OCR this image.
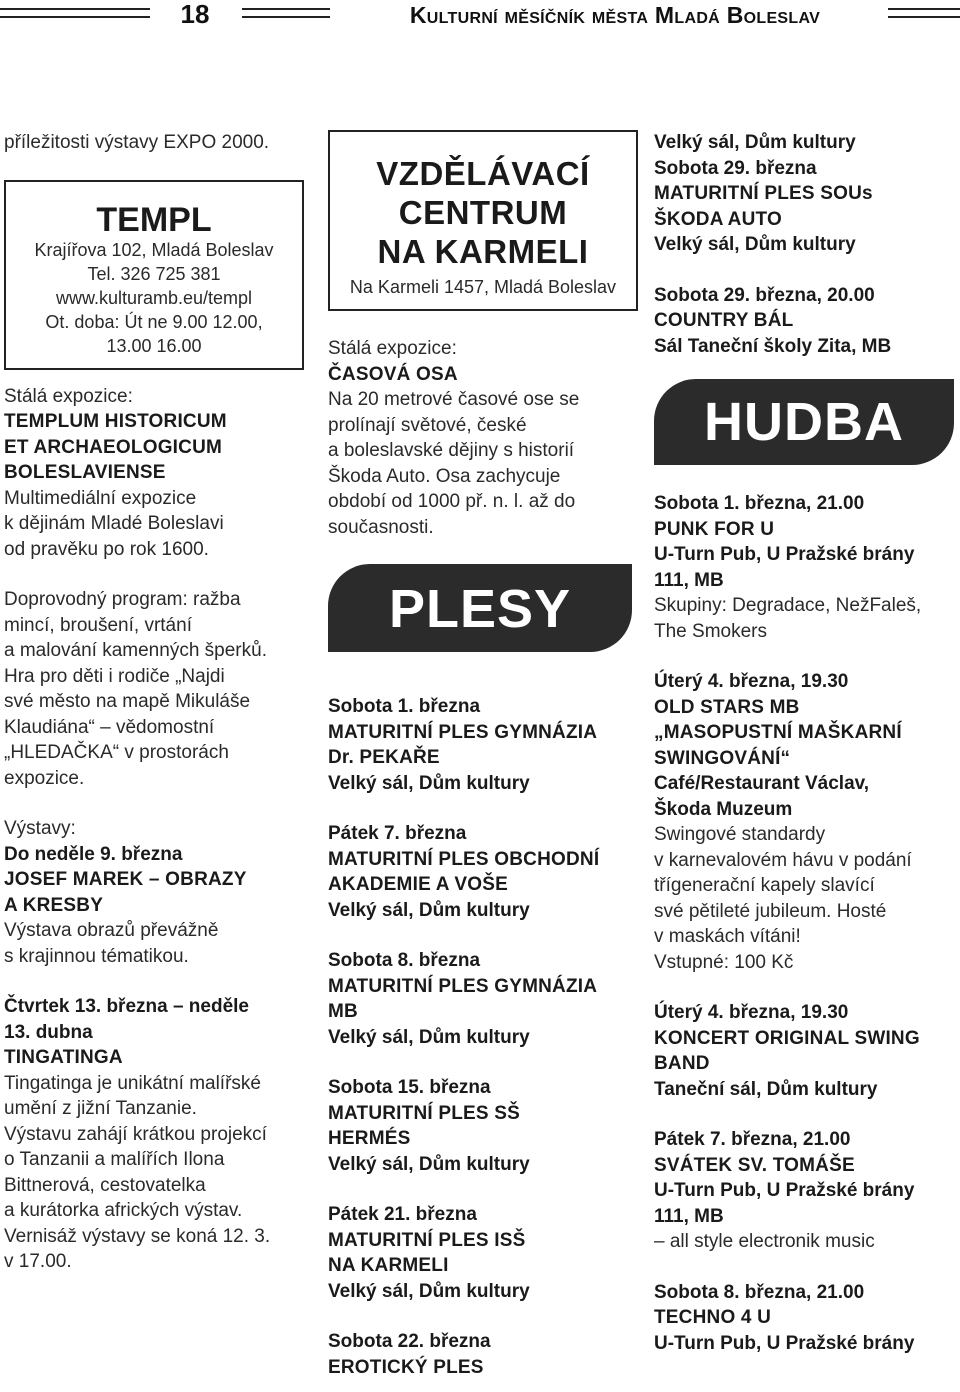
18	Kulturní měsíčník města Mladá Boleslav

příležitosti výstavy EXPO 2000.

TEMPL
Krajířova 102, Mladá Boleslav
Tel. 326 725 381
www.kulturamb.eu/templ
Ot. doba: Út ne 9.00 12.00,
13.00 16.00

Stálá expozice:

TEMPLUM HISTORICUM

ET ARCHAEOLOGICUM

BOLESLAVIENSE

Multimediální expozice

k dějinám Mladé Boleslavi

od pravěku po rok 1600.

Doprovodný program: ražba

mincí, broušení, vrtání

a malování kamenných šperků.

Hra pro děti i rodiče „Najdi

své město na mapě Mikuláše

Klaudiána“ – vědomostní

„HLEDAČKA“ v prostorách

expozice.

Výstavy:

Do neděle 9. března

JOSEF MAREK – OBRAZY

A KRESBY

Výstava obrazů převážně

s krajinnou tématikou.

Čtvrtek 13. března – neděle

13. dubna

TINGATINGA

Tingatinga je unikátní malířské

umění z jižní Tanzanie.

Výstavu zahájí krátkou projekcí

o Tanzanii a malířích Ilona

Bittnerová, cestovatelka

a kurátorka afrických výstav.

Vernisáž výstavy se koná 12. 3.

v 17.00.

VZDĚLÁVACÍ
CENTRUM
NA KARMELI
Na Karmeli 1457, Mladá Boleslav

Stálá expozice:

ČASOVÁ OSA

Na 20 metrové časové ose se

prolínají světové, české

a boleslavské dějiny s historií

Škoda Auto. Osa zachycuje

období od 1000 př. n. l. až do

současnosti.

PLESY

Sobota 1. března

MATURITNÍ PLES GYMNÁZIA

Dr. PEKAŘE

Velký sál, Dům kultury

Pátek 7. března

MATURITNÍ PLES OBCHODNÍ

AKADEMIE A VOŠE

Velký sál, Dům kultury

Sobota 8. března

MATURITNÍ PLES GYMNÁZIA

MB

Velký sál, Dům kultury

Sobota 15. března

MATURITNÍ PLES SŠ

HERMÉS

Velký sál, Dům kultury

Pátek 21. března

MATURITNÍ PLES ISŠ

NA KARMELI

Velký sál, Dům kultury

Sobota 22. března

EROTICKÝ PLES

Velký sál, Dům kultury

Sobota 29. března

MATURITNÍ PLES SOUs

ŠKODA AUTO

Velký sál, Dům kultury

Sobota 29. března, 20.00

COUNTRY BÁL

Sál Taneční školy Zita, MB

HUDBA

Sobota 1. března, 21.00

PUNK FOR U

U-Turn Pub, U Pražské brány

111, MB

Skupiny: Degradace, NežFaleš,

The Smokers

Úterý 4. března, 19.30

OLD STARS MB

„MASOPUSTNÍ MAŠKARNÍ

SWINGOVÁNÍ“

Café/Restaurant Václav,

Škoda Muzeum

Swingové standardy

v karnevalovém hávu v podání

třígenerační kapely slavící

své pětileté jubileum. Hosté

v maskách vítáni!

Vstupné: 100 Kč

Úterý 4. března, 19.30

KONCERT ORIGINAL SWING

BAND

Taneční sál, Dům kultury

Pátek 7. března, 21.00

SVÁTEK SV. TOMÁŠE

U-Turn Pub, U Pražské brány

111, MB

– all style electronik music

Sobota 8. března, 21.00

TECHNO 4 U

U-Turn Pub, U Pražské brány
